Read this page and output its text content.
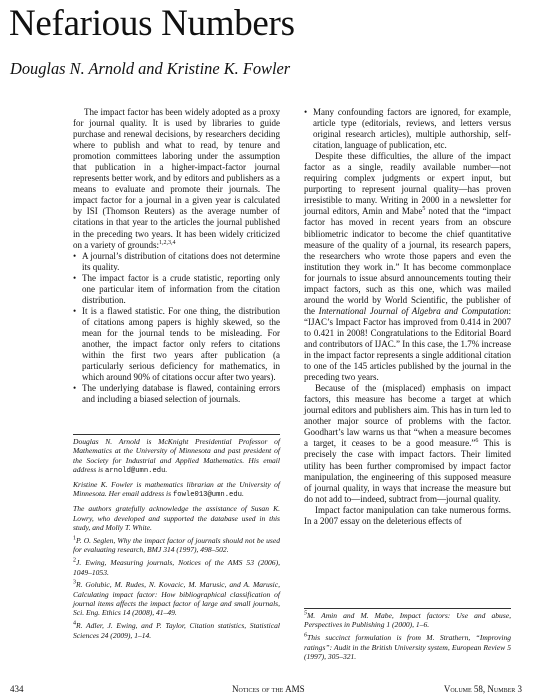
Nefarious Numbers
Douglas N. Arnold and Kristine K. Fowler

The impact factor has been widely adopted as a proxy for journal quality. It is used by libraries to guide purchase and renewal decisions, by researchers deciding where to publish and what to read, by tenure and promotion committees laboring under the assumption that publication in a higher-impact-factor journal represents better work, and by editors and publishers as a means to evaluate and promote their journals. The impact factor for a journal in a given year is calculated by ISI (Thomson Reuters) as the average number of citations in that year to the articles the journal published in the preceding two years. It has been widely criticized on a variety of grounds:$^{1,2,3,4}$

• A journal’s distribution of citations does not determine its quality.
• The impact factor is a crude statistic, reporting only one particular item of information from the citation distribution.
• It is a flawed statistic. For one thing, the distribution of citations among papers is highly skewed, so the mean for the journal tends to be misleading. For another, the impact factor only refers to citations within the first two years after publication (a particularly serious deficiency for mathematics, in which around 90% of citations occur after two years).
• The underlying database is flawed, containing errors and including a biased selection of journals.

Douglas N. Arnold is McKnight Presidential Professor of Mathematics at the University of Minnesota and past president of the Society for Industrial and Applied Mathematics. His email address is arnold@umn.edu.

Kristine K. Fowler is mathematics librarian at the University of Minnesota. Her email address is fowle013@umn.edu.

The authors gratefully acknowledge the assistance of Susan K. Lowry, who developed and supported the database used in this study, and Molly T. White.

$^1$P. O. Seglen, Why the impact factor of journals should not be used for evaluating research, BMJ 314 (1997), 498–502.

$^2$J. Ewing, Measuring journals, Notices of the AMS 53 (2006), 1049–1053.

$^3$R. Golubic, M. Rudes, N. Kovacic, M. Marusic, and A. Marusic, Calculating impact factor: How bibliographical classification of journal items affects the impact factor of large and small journals, Sci. Eng. Ethics 14 (2008), 41–49.

$^4$R. Adler, J. Ewing, and P. Taylor, Citation statistics, Statistical Sciences 24 (2009), 1–14.

• Many confounding factors are ignored, for example, article type (editorials, reviews, and letters versus original research articles), multiple authorship, self-citation, language of publication, etc.

Despite these difficulties, the allure of the impact factor as a single, readily available number—not requiring complex judgments or expert input, but purporting to represent journal quality—has proven irresistible to many. Writing in 2000 in a newsletter for journal editors, Amin and Mabe$^5$ noted that the “impact factor has moved in recent years from an obscure bibliometric indicator to become the chief quantitative measure of the quality of a journal, its research papers, the researchers who wrote those papers and even the institution they work in.” It has become commonplace for journals to issue absurd announcements touting their impact factors, such as this one, which was mailed around the world by World Scientific, the publisher of the International Journal of Algebra and Computation: “IJAC’s Impact Factor has improved from 0.414 in 2007 to 0.421 in 2008! Congratulations to the Editorial Board and contributors of IJAC.” In this case, the 1.7% increase in the impact factor represents a single additional citation to one of the 145 articles published by the journal in the preceding two years.

Because of the (misplaced) emphasis on impact factors, this measure has become a target at which journal editors and publishers aim. This has in turn led to another major source of problems with the factor. Goodhart’s law warns us that “when a measure becomes a target, it ceases to be a good measure.”$^6$ This is precisely the case with impact factors. Their limited utility has been further compromised by impact factor manipulation, the engineering of this supposed measure of journal quality, in ways that increase the measure but do not add to—indeed, subtract from—journal quality.

Impact factor manipulation can take numerous forms. In a 2007 essay on the deleterious effects of

$^5$M. Amin and M. Mabe, Impact factors: Use and abuse, Perspectives in Publishing 1 (2000), 1–6.

$^6$This succinct formulation is from M. Strathern, “Improving ratings”: Audit in the British University system, European Review 5 (1997), 305–321.

434	Notices of the AMS	Volume 58, Number 3
